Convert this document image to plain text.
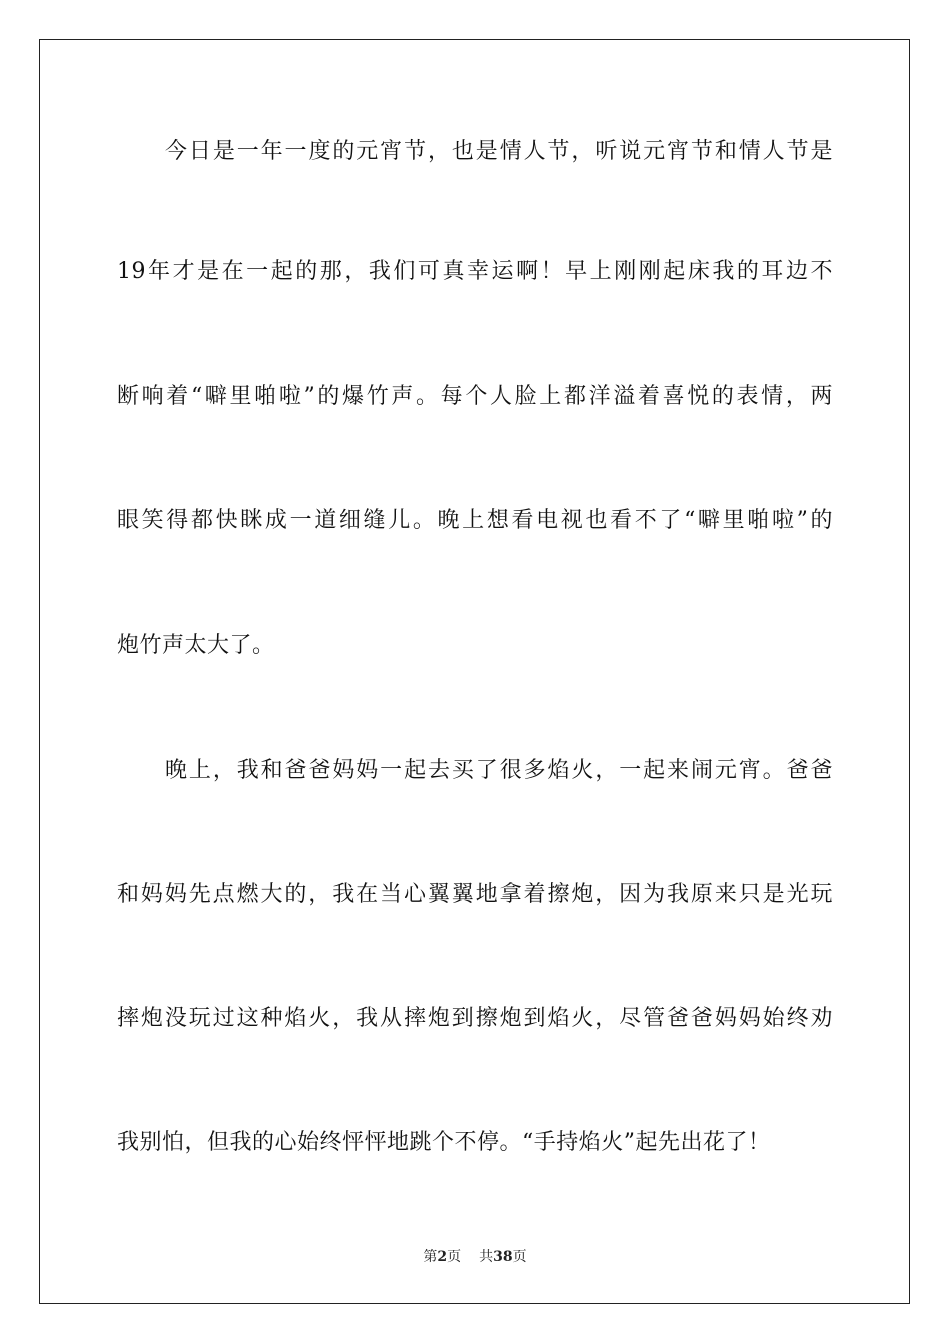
今日是一年一度的元宵节，也是情人节，听说元宵节和情人节是
19年才是在一起的那，我们可真幸运啊！早上刚刚起床我的耳边不
断响着“噼里啪啦”的爆竹声。每个人脸上都洋溢着喜悦的表情，两
眼笑得都快眯成一道细缝儿。晚上想看电视也看不了“噼里啪啦”的
炮竹声太大了。
晚上，我和爸爸妈妈一起去买了很多焰火，一起来闹元宵。爸爸
和妈妈先点燃大的，我在当心翼翼地拿着擦炮，因为我原来只是光玩
摔炮没玩过这种焰火，我从摔炮到擦炮到焰火，尽管爸爸妈妈始终劝
我别怕，但我的心始终怦怦地跳个不停。“手持焰火”起先出花了！
第2页 共38页
